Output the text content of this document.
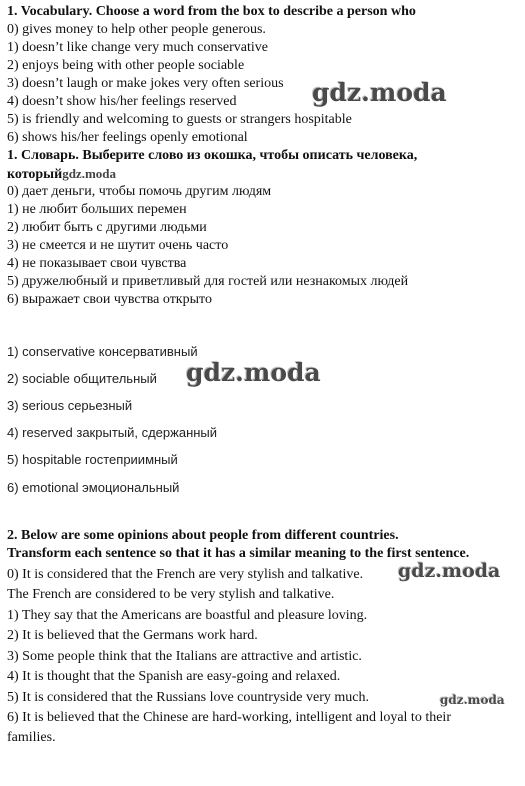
1. Vocabulary. Choose a word from the box to describe a person who
0) gives money to help other people generous.
1) doesn’t like change very much conservative
2) enjoys being with other people sociable
3) doesn’t laugh or make jokes very often serious
4) doesn’t show his/her feelings reserved
5) is friendly and welcoming to guests or strangers hospitable
6) shows his/her feelings openly emotional
1. Словарь. Выберите слово из окошка, чтобы описать человека,
которыйgdz.moda
0) дает деньги, чтобы помочь другим людям
1) не любит больших перемен
2) любит быть с другими людьми
3) не смеется и не шутит очень часто
4) не показывает свои чувства
5) дружелюбный и приветливый для гостей или незнакомых людей
6) выражает свои чувства открыто
1) conservative консервативный
2) sociable общительный
3) serious серьезный
4) reserved закрытый, сдержанный
5) hospitable гостеприимный
6) emotional эмоциональный
2. Below are some opinions about people from different countries.
Transform each sentence so that it has a similar meaning to the first sentence.
0) It is considered that the French are very stylish and talkative.
The French are considered to be very stylish and talkative.
1) They say that the Americans are boastful and pleasure loving.
2) It is believed that the Germans work hard.
3) Some people think that the Italians are attractive and artistic.
4) It is thought that the Spanish are easy-going and relaxed.
5) It is considered that the Russians love countryside very much.
6) It is believed that the Chinese are hard-working, intelligent and loyal to their
families.
gdz.moda
gdz.moda
gdz.moda
gdz.moda
